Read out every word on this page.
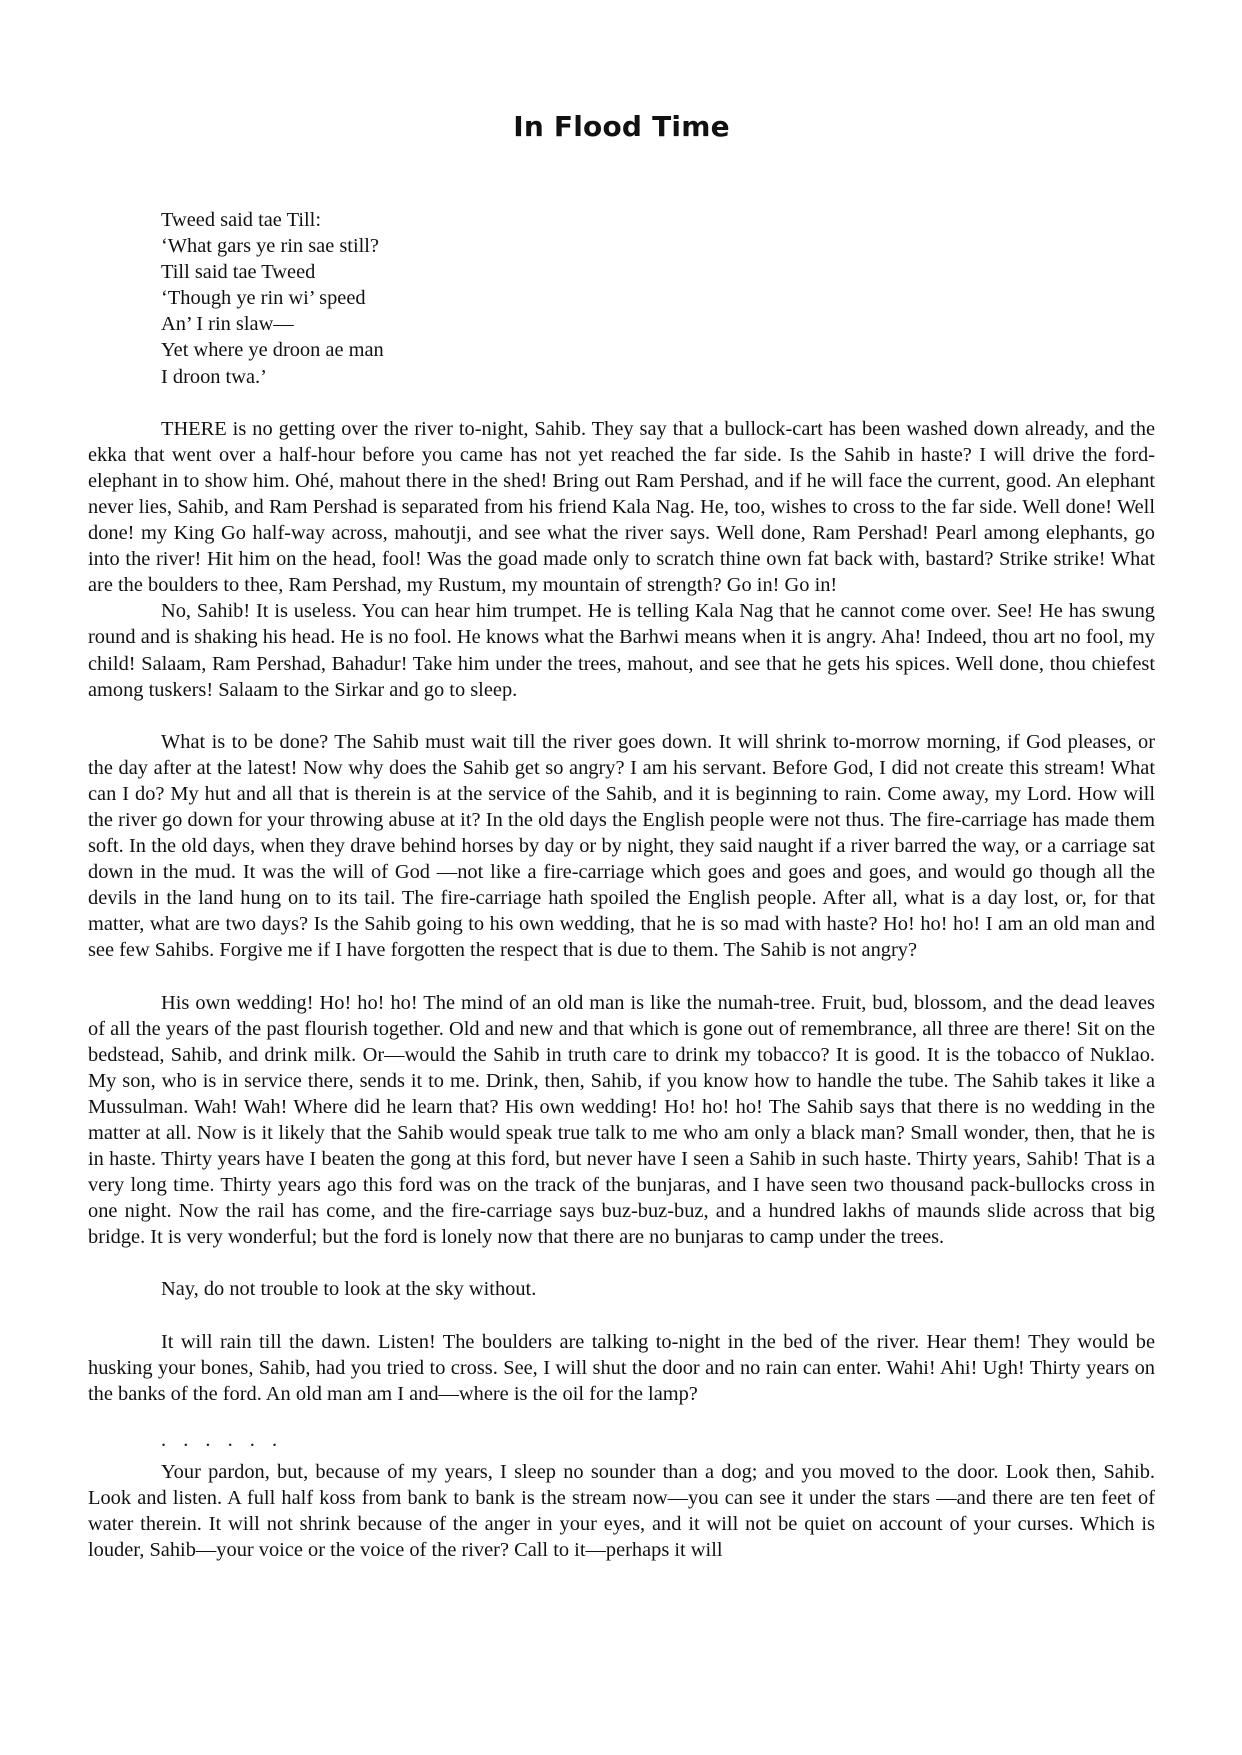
In Flood Time
Tweed said tae Till:
‘What gars ye rin sae still?
Till said tae Tweed
‘Though ye rin wi’ speed
An’ I rin slaw—
Yet where ye droon ae man
I droon twa.’

THERE is no getting over the river to-night, Sahib. They say that a bullock-cart has been washed down already, and the ekka that went over a half-hour before you came has not yet reached the far side. Is the Sahib in haste? I will drive the ford-elephant in to show him. Ohé, mahout there in the shed! Bring out Ram Pershad, and if he will face the current, good. An elephant never lies, Sahib, and Ram Pershad is separated from his friend Kala Nag. He, too, wishes to cross to the far side. Well done! Well done! my King Go half-way across, mahoutji, and see what the river says. Well done, Ram Pershad! Pearl among elephants, go into the river! Hit him on the head, fool! Was the goad made only to scratch thine own fat back with, bastard? Strike strike! What are the boulders to thee, Ram Pershad, my Rustum, my mountain of strength? Go in! Go in!

No, Sahib! It is useless. You can hear him trumpet. He is telling Kala Nag that he cannot come over. See! He has swung round and is shaking his head. He is no fool. He knows what the Barhwi means when it is angry. Aha! Indeed, thou art no fool, my child! Salaam, Ram Pershad, Bahadur! Take him under the trees, mahout, and see that he gets his spices. Well done, thou chiefest among tuskers! Salaam to the Sirkar and go to sleep.

What is to be done? The Sahib must wait till the river goes down. It will shrink to-morrow morning, if God pleases, or the day after at the latest! Now why does the Sahib get so angry? I am his servant. Before God, I did not create this stream! What can I do? My hut and all that is therein is at the service of the Sahib, and it is beginning to rain. Come away, my Lord. How will the river go down for your throwing abuse at it? In the old days the English people were not thus. The fire-carriage has made them soft. In the old days, when they drave behind horses by day or by night, they said naught if a river barred the way, or a carriage sat down in the mud. It was the will of God —not like a fire-carriage which goes and goes and goes, and would go though all the devils in the land hung on to its tail. The fire-carriage hath spoiled the English people. After all, what is a day lost, or, for that matter, what are two days? Is the Sahib going to his own wedding, that he is so mad with haste? Ho! ho! ho! I am an old man and see few Sahibs. Forgive me if I have forgotten the respect that is due to them. The Sahib is not angry?

His own wedding! Ho! ho! ho! The mind of an old man is like the numah-tree. Fruit, bud, blossom, and the dead leaves of all the years of the past flourish together. Old and new and that which is gone out of remembrance, all three are there! Sit on the bedstead, Sahib, and drink milk. Or—would the Sahib in truth care to drink my tobacco? It is good. It is the tobacco of Nuklao. My son, who is in service there, sends it to me. Drink, then, Sahib, if you know how to handle the tube. The Sahib takes it like a Mussulman. Wah! Wah! Where did he learn that? His own wedding! Ho! ho! ho! The Sahib says that there is no wedding in the matter at all. Now is it likely that the Sahib would speak true talk to me who am only a black man? Small wonder, then, that he is in haste. Thirty years have I beaten the gong at this ford, but never have I seen a Sahib in such haste. Thirty years, Sahib! That is a very long time. Thirty years ago this ford was on the track of the bunjaras, and I have seen two thousand pack-bullocks cross in one night. Now the rail has come, and the fire-carriage says buz-buz-buz, and a hundred lakhs of maunds slide across that big bridge. It is very wonderful; but the ford is lonely now that there are no bunjaras to camp under the trees.

Nay, do not trouble to look at the sky without.

It will rain till the dawn. Listen! The boulders are talking to-night in the bed of the river. Hear them! They would be husking your bones, Sahib, had you tried to cross. See, I will shut the door and no rain can enter. Wahi! Ahi! Ugh! Thirty years on the banks of the ford. An old man am I and—where is the oil for the lamp?

. . . . . .

Your pardon, but, because of my years, I sleep no sounder than a dog; and you moved to the door. Look then, Sahib. Look and listen. A full half koss from bank to bank is the stream now—you can see it under the stars —and there are ten feet of water therein. It will not shrink because of the anger in your eyes, and it will not be quiet on account of your curses. Which is louder, Sahib—your voice or the voice of the river? Call to it—perhaps it will
